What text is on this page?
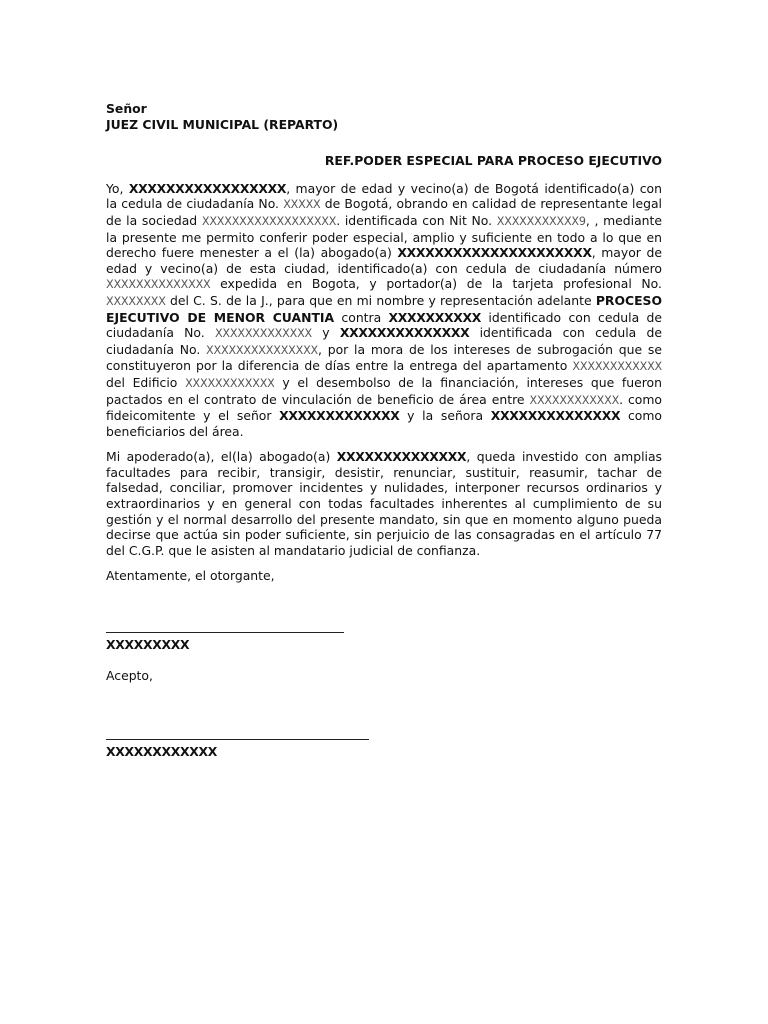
Señor

JUEZ CIVIL MUNICIPAL (REPARTO)

REF.PODER ESPECIAL PARA PROCESO EJECUTIVO

Yo, XXXXXXXXXXXXXXXXX, mayor de edad y vecino(a) de Bogotá identificado(a) con la cedula de ciudadanía No. XXXXX de Bogotá, obrando en calidad de representante legal de la sociedad XXXXXXXXXXXXXXXXXX. identificada con Nit No. XXXXXXXXXXX9, , mediante la presente me permito conferir poder especial, amplio y suficiente en todo a lo que en derecho fuere menester a el (la) abogado(a) XXXXXXXXXXXXXXXXXXXXX, mayor de edad y vecino(a) de esta ciudad, identificado(a) con cedula de ciudadanía número XXXXXXXXXXXXXX expedida en Bogota, y portador(a) de la tarjeta profesional No. XXXXXXXX del C. S. de la J., para que en mi nombre y representación adelante PROCESO EJECUTIVO DE MENOR CUANTIA contra XXXXXXXXXX identificado con cedula de ciudadanía No. XXXXXXXXXXXXX y XXXXXXXXXXXXXX identificada con cedula de ciudadanía No. XXXXXXXXXXXXXXX, por la mora de los intereses de subrogación que se constituyeron por la diferencia de días entre la entrega del apartamento XXXXXXXXXXXX del Edificio XXXXXXXXXXXX y el desembolso de la financiación, intereses que fueron pactados en el contrato de vinculación de beneficio de área entre XXXXXXXXXXXX. como fideicomitente y el señor XXXXXXXXXXXXX y la señora XXXXXXXXXXXXXX como beneficiarios del área.

Mi apoderado(a), el(la) abogado(a) XXXXXXXXXXXXXX, queda investido con amplias facultades para recibir, transigir, desistir, renunciar, sustituir, reasumir, tachar de falsedad, conciliar, promover incidentes y nulidades, interponer recursos ordinarios y extraordinarios y en general con todas facultades inherentes al cumplimiento de su gestión y el normal desarrollo del presente mandato, sin que en momento alguno pueda decirse que actúa sin poder suficiente, sin perjuicio de las consagradas en el artículo 77 del C.G.P. que le asisten al mandatario judicial de confianza.

Atentamente, el otorgante,

XXXXXXXXX
Acepto,
XXXXXXXXXXXX
